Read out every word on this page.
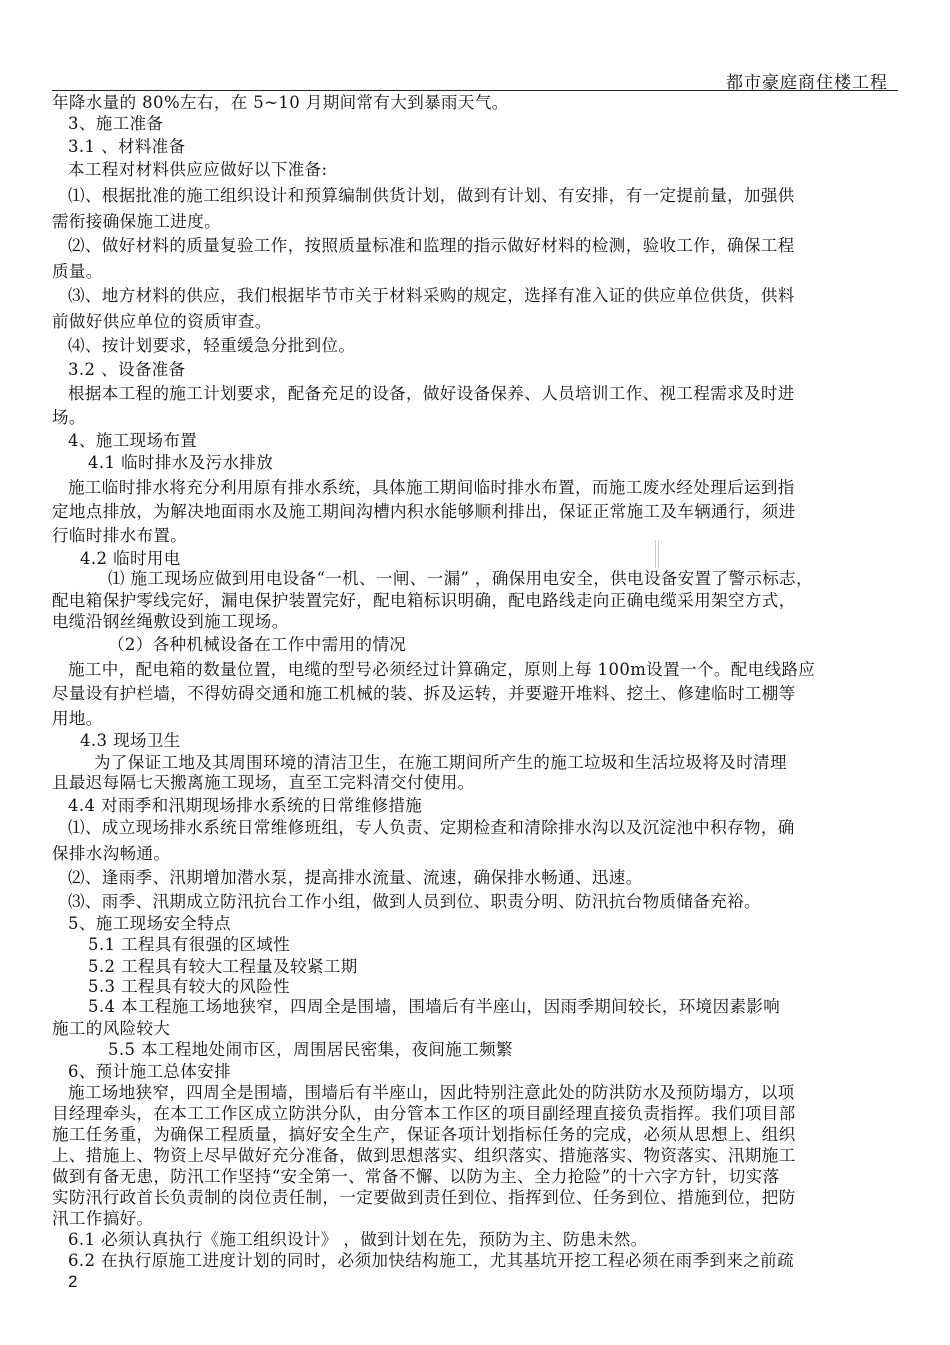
都市豪庭商住楼工程
年降水量的 80%左右，在 5~10 月期间常有大到暴雨天气。
3、施工准备
3.1 、材料准备
本工程对材料供应应做好以下准备:
⑴、根据批准的施工组织设计和预算编制供货计划，做到有计划、有安排，有一定提前量，加强供
需衔接确保施工进度。
⑵、做好材料的质量复验工作，按照质量标准和监理的指示做好材料的检测，验收工作，确保工程
质量。
⑶、地方材料的供应，我们根据毕节市关于材料采购的规定，选择有准入证的供应单位供货，供料
前做好供应单位的资质审查。
⑷、按计划要求，轻重缓急分批到位。
3.2 、设备准备
根据本工程的施工计划要求，配备充足的设备，做好设备保养、人员培训工作、视工程需求及时进
场。
4、施工现场布置
4.1 临时排水及污水排放
施工临时排水将充分利用原有排水系统，具体施工期间临时排水布置，而施工废水经处理后运到指
定地点排放，为解决地面雨水及施工期间沟槽内积水能够顺利排出，保证正常施工及车辆通行，须进
行临时排水布置。
4.2 临时用电
⑴ 施工现场应做到用电设备“一机、一闸、一漏” ，确保用电安全，供电设备安置了警示标志，
配电箱保护零线完好，漏电保护装置完好，配电箱标识明确，配电路线走向正确电缆采用架空方式，
电缆沿钢丝绳敷设到施工现场。
（2）各种机械设备在工作中需用的情况
施工中，配电箱的数量位置，电缆的型号必须经过计算确定，原则上每 100m设置一个。配电线路应
尽量设有护栏墙，不得妨碍交通和施工机械的装、拆及运转，并要避开堆料、挖土、修建临时工棚等
用地。
4.3 现场卫生
为了保证工地及其周围环境的清洁卫生，在施工期间所产生的施工垃圾和生活垃圾将及时清理
且最迟每隔七天搬离施工现场，直至工完料清交付使用。
4.4 对雨季和汛期现场排水系统的日常维修措施
⑴、成立现场排水系统日常维修班组，专人负责、定期检查和清除排水沟以及沉淀池中积存物，确
保排水沟畅通。
⑵、逢雨季、汛期增加潜水泵，提高排水流量、流速，确保排水畅通、迅速。
⑶、雨季、汛期成立防汛抗台工作小组，做到人员到位、职责分明、防汛抗台物质储备充裕。
5、施工现场安全特点
5.1 工程具有很强的区域性
5.2 工程具有较大工程量及较紧工期
5.3 工程具有较大的风险性
5.4 本工程施工场地狭窄，四周全是围墙，围墙后有半座山，因雨季期间较长，环境因素影响
施工的风险较大
5.5 本工程地处闹市区，周围居民密集，夜间施工频繁
6、预计施工总体安排
施工场地狭窄，四周全是围墙，围墙后有半座山，因此特别注意此处的防洪防水及预防塌方，以项
目经理牵头，在本工工作区成立防洪分队，由分管本工作区的项目副经理直接负责指挥。我们项目部
施工任务重，为确保工程质量，搞好安全生产，保证各项计划指标任务的完成，必须从思想上、组织
上、措施上、物资上尽早做好充分准备，做到思想落实、组织落实、措施落实、物资落实、汛期施工
做到有备无患，防汛工作坚持“安全第一、常备不懈、以防为主、全力抢险”的十六字方针，切实落
实防汛行政首长负责制的岗位责任制，一定要做到责任到位、指挥到位、任务到位、措施到位，把防
汛工作搞好。
6.1 必须认真执行《施工组织设计》 ，做到计划在先，预防为主、防患未然。
6.2 在执行原施工进度计划的同时，必须加快结构施工，尤其基坑开挖工程必须在雨季到来之前疏
2
